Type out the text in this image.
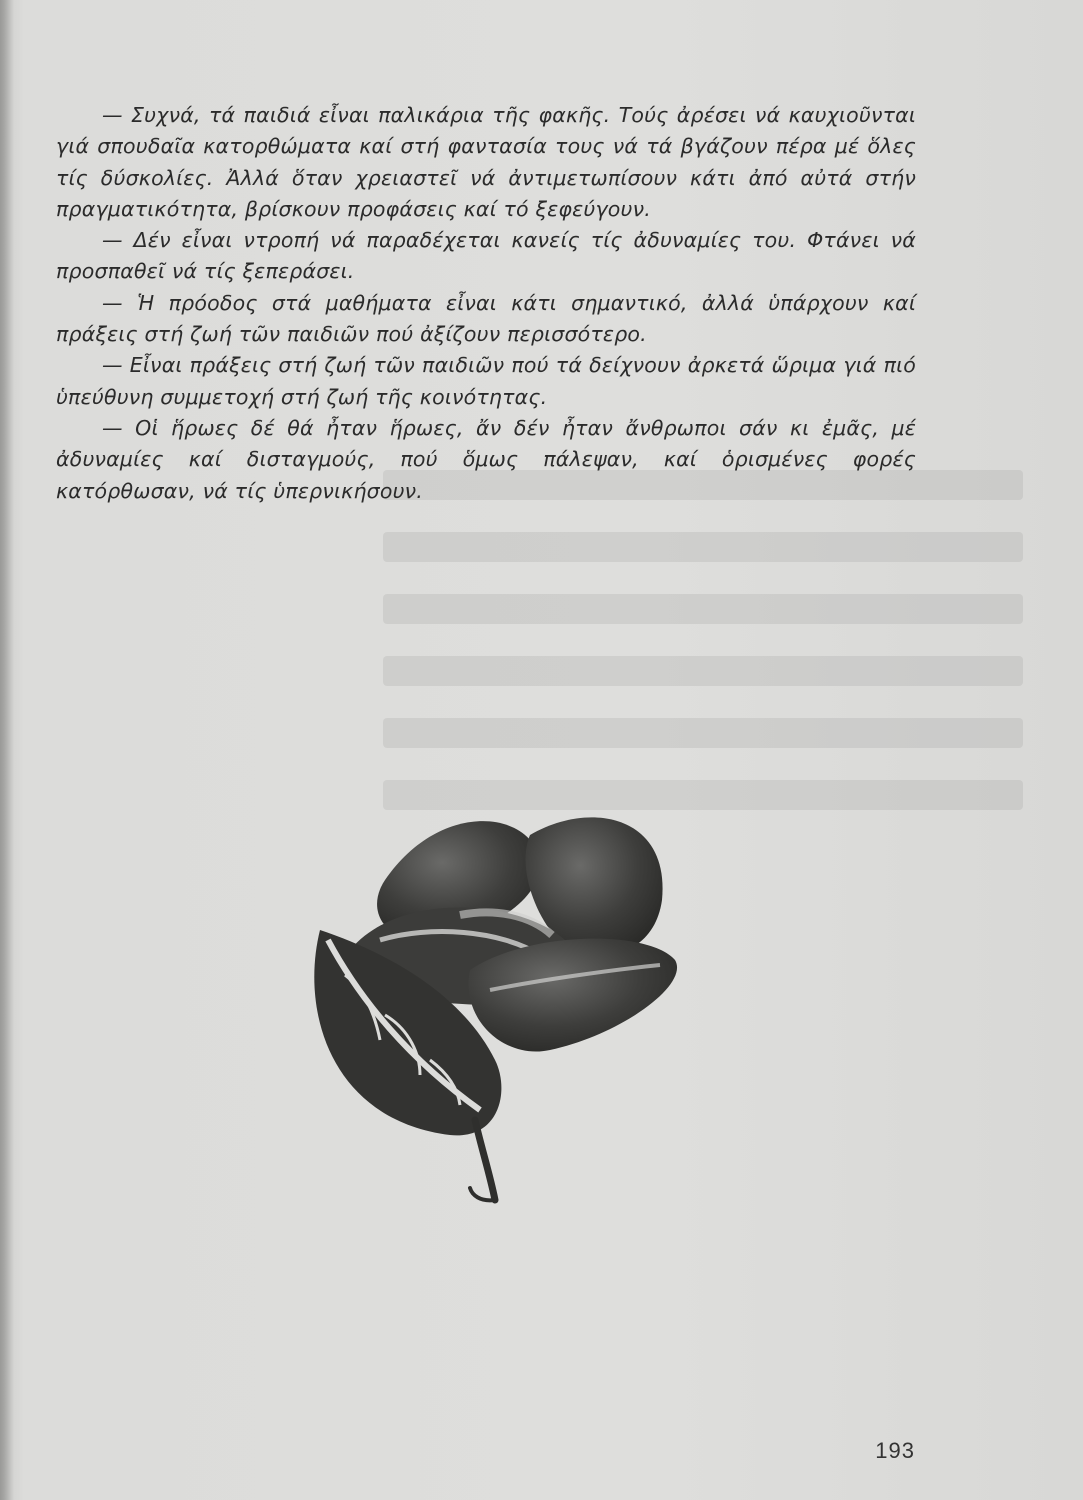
— Συχνά, τά παιδιά εἶναι παλικάρια τῆς φακῆς. Τούς ἀρέσει νά καυχιοῦνται γιά σπουδαῖα κατορθώματα καί στή φαντασία τους νά τά βγάζουν πέρα μέ ὅλες τίς δύσκολίες. Ἀλλά ὅταν χρειαστεῖ νά ἀντιμετωπίσουν κάτι ἀπό αὐτά στήν πραγματικότητα, βρίσκουν προφάσεις καί τό ξεφεύγουν.

— Δέν εἶναι ντροπή νά παραδέχεται κανείς τίς ἀδυναμίες του. Φτάνει νά προσπαθεῖ νά τίς ξεπεράσει.

— Ἡ πρόοδος στά μαθήματα εἶναι κάτι σημαντικό, ἀλλά ὑπάρχουν καί πράξεις στή ζωή τῶν παιδιῶν πού ἀξίζουν περισσότερο.

— Εἶναι πράξεις στή ζωή τῶν παιδιῶν πού τά δείχνουν ἀρκετά ὥριμα γιά πιό ὑπεύθυνη συμμετοχή στή ζωή τῆς κοινότητας.

— Οἱ ἥρωες δέ θά ἦταν ἥρωες, ἄν δέν ἦταν ἄνθρωποι σάν κι ἐμᾶς, μέ ἀδυναμίες καί δισταγμούς, πού ὅμως πάλεψαν, καί ὁρισμένες φορές κατόρθωσαν, νά τίς ὑπερνικήσουν.

193
